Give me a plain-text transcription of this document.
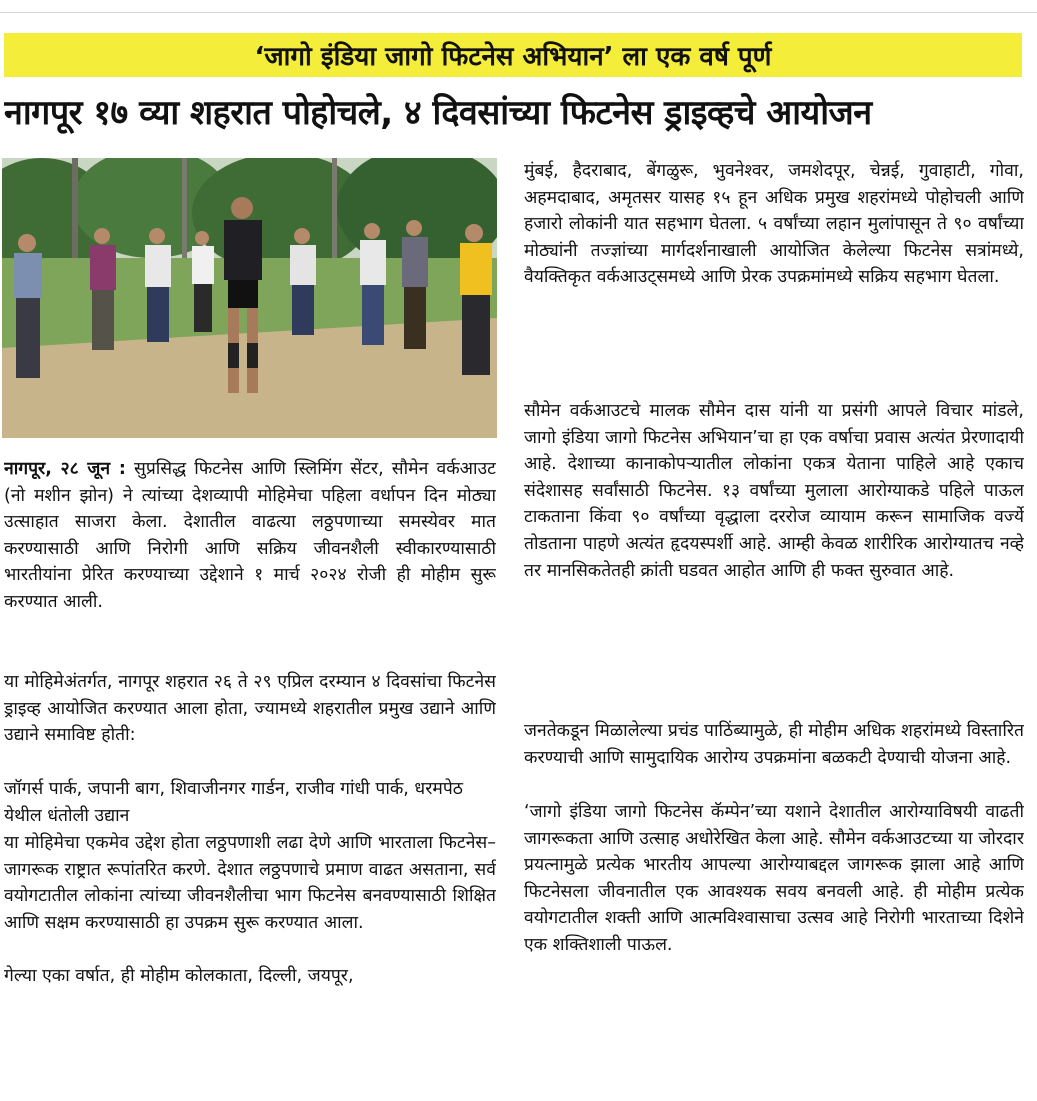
‘जागो इंडिया जागो फिटनेस अभियान’ ला एक वर्ष पूर्ण
नागपूर १७ व्या शहरात पोहोचले, ४ दिवसांच्या फिटनेस ड्राइव्हचे आयोजन

नागपूर, २८ जून : सुप्रसिद्ध फिटनेस आणि स्लिमिंग सेंटर, सौमेन वर्कआउट (नो मशीन झोन) ने त्यांच्या देशव्यापी मोहिमेचा पहिला वर्धापन दिन मोठ्या उत्साहात साजरा केला. देशातील वाढत्या लठ्ठपणाच्या समस्येवर मात करण्यासाठी आणि निरोगी आणि सक्रिय जीवनशैली स्वीकारण्यासाठी भारतीयांना प्रेरित करण्याच्या उद्देशाने १ मार्च २०२४ रोजी ही मोहीम सुरू करण्यात आली.

या मोहिमेअंतर्गत, नागपूर शहरात २६ ते २९ एप्रिल दरम्यान ४ दिवसांचा फिटनेस ड्राइव्ह आयोजित करण्यात आला होता, ज्यामध्ये शहरातील प्रमुख उद्याने आणि उद्याने समाविष्ट होती:

जॉगर्स पार्क, जपानी बाग, शिवाजीनगर गार्डन, राजीव गांधी पार्क, धरमपेठ येथील धंतोली उद्यान

या मोहिमेचा एकमेव उद्देश होता लठ्ठपणाशी लढा देणे आणि भारताला फिटनेस–जागरूक राष्ट्रात रूपांतरित करणे. देशात लठ्ठपणाचे प्रमाण वाढत असताना, सर्व वयोगटातील लोकांना त्यांच्या जीवनशैलीचा भाग फिटनेस बनवण्यासाठी शिक्षित आणि सक्षम करण्यासाठी हा उपक्रम सुरू करण्यात आला.

गेल्या एका वर्षात, ही मोहीम कोलकाता, दिल्ली, जयपूर,

मुंबई, हैदराबाद, बेंगळुरू, भुवनेश्वर, जमशेदपूर, चेन्नई, गुवाहाटी, गोवा, अहमदाबाद, अमृतसर यासह १५ हून अधिक प्रमुख शहरांमध्ये पोहोचली आणि हजारो लोकांनी यात सहभाग घेतला. ५ वर्षांच्या लहान मुलांपासून ते ९० वर्षांच्या मोठ्यांनी तज्ज्ञांच्या मार्गदर्शनाखाली आयोजित केलेल्या फिटनेस सत्रांमध्ये, वैयक्तिकृत वर्कआउट्समध्ये आणि प्रेरक उपक्रमांमध्ये सक्रिय सहभाग घेतला.

सौमेन वर्कआउटचे मालक सौमेन दास यांनी या प्रसंगी आपले विचार मांडले, जागो इंडिया जागो फिटनेस अभियान’चा हा एक वर्षाचा प्रवास अत्यंत प्रेरणादायी आहे. देशाच्या कानाकोपऱ्यातील लोकांना एकत्र येताना पाहिले आहे एकाच संदेशासह सर्वांसाठी फिटनेस. १३ वर्षांच्या मुलाला आरोग्याकडे पहिले पाऊल टाकताना किंवा ९० वर्षांच्या वृद्धाला दररोज व्यायाम करून सामाजिक वर्ज्ये तोडताना पाहणे अत्यंत हृदयस्पर्शी आहे. आम्ही केवळ शारीरिक आरोग्यातच नव्हे तर मानसिकतेतही क्रांती घडवत आहोत आणि ही फक्त सुरुवात आहे.

जनतेकडून मिळालेल्या प्रचंड पाठिंब्यामुळे, ही मोहीम अधिक शहरांमध्ये विस्तारित करण्याची आणि सामुदायिक आरोग्य उपक्रमांना बळकटी देण्याची योजना आहे.

‘जागो इंडिया जागो फिटनेस कॅम्पेन’च्या यशाने देशातील आरोग्याविषयी वाढती जागरूकता आणि उत्साह अधोरेखित केला आहे. सौमेन वर्कआउटच्या या जोरदार प्रयत्नामुळे प्रत्येक भारतीय आपल्या आरोग्याबद्दल जागरूक झाला आहे आणि फिटनेसला जीवनातील एक आवश्यक सवय बनवली आहे. ही मोहीम प्रत्येक वयोगटातील शक्ती आणि आत्मविश्वासाचा उत्सव आहे निरोगी भारताच्या दिशेने एक शक्तिशाली पाऊल.
